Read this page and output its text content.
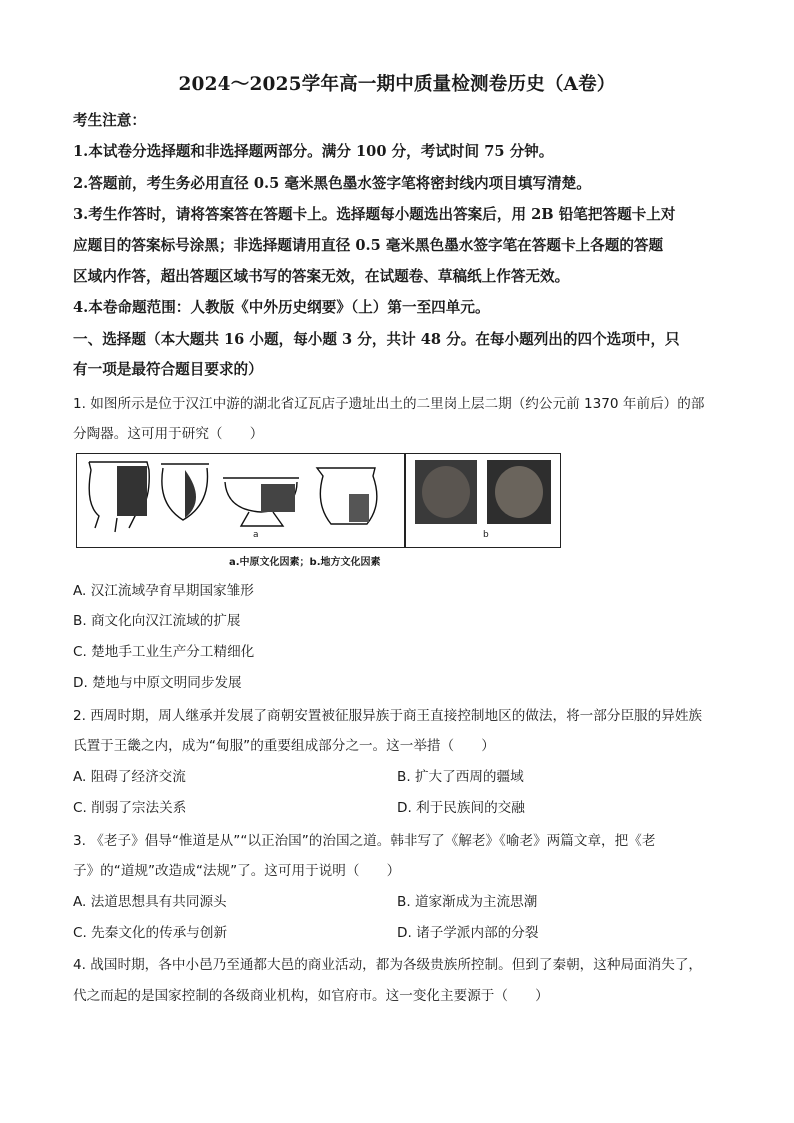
2024～2025学年高一期中质量检测卷历史（A卷）
考生注意：
1.本试卷分选择题和非选择题两部分。满分 100 分，考试时间 75 分钟。
2.答题前，考生务必用直径 0.5 毫米黑色墨水签字笔将密封线内项目填写清楚。
3.考生作答时，请将答案答在答题卡上。选择题每小题选出答案后，用 2B 铅笔把答题卡上对
应题目的答案标号涂黑；非选择题请用直径 0.5 毫米黑色墨水签字笔在答题卡上各题的答题
区域内作答，超出答题区域书写的答案无效，在试题卷、草稿纸上作答无效。
4.本卷命题范围：人教版《中外历史纲要》（上）第一至四单元。
一、选择题（本大题共 16 小题，每小题 3 分，共计 48 分。在每小题列出的四个选项中，只
有一项是最符合题目要求的）
1. 如图所示是位于汉江中游的湖北省辽瓦店子遗址出土的二里岗上层二期（约公元前 1370 年前后）的部
分陶器。这可用于研究（　　）
a	b
a.中原文化因素；b.地方文化因素
A. 汉江流域孕育早期国家雏形
B. 商文化向汉江流域的扩展
C. 楚地手工业生产分工精细化
D. 楚地与中原文明同步发展
2. 西周时期，周人继承并发展了商朝安置被征服异族于商王直接控制地区的做法，将一部分臣服的异姓族
氏置于王畿之内，成为“甸服”的重要组成部分之一。这一举措（　　）
A. 阻碍了经济交流	B. 扩大了西周的疆域
C. 削弱了宗法关系	D. 利于民族间的交融
3. 《老子》倡导“惟道是从”“以正治国”的治国之道。韩非写了《解老》《喻老》两篇文章，把《老
子》的“道规”改造成“法规”了。这可用于说明（　　）
A. 法道思想具有共同源头	B. 道家渐成为主流思潮
C. 先秦文化的传承与创新	D. 诸子学派内部的分裂
4. 战国时期，各中小邑乃至通都大邑的商业活动，都为各级贵族所控制。但到了秦朝，这种局面消失了，
代之而起的是国家控制的各级商业机构，如官府市。这一变化主要源于（　　）
